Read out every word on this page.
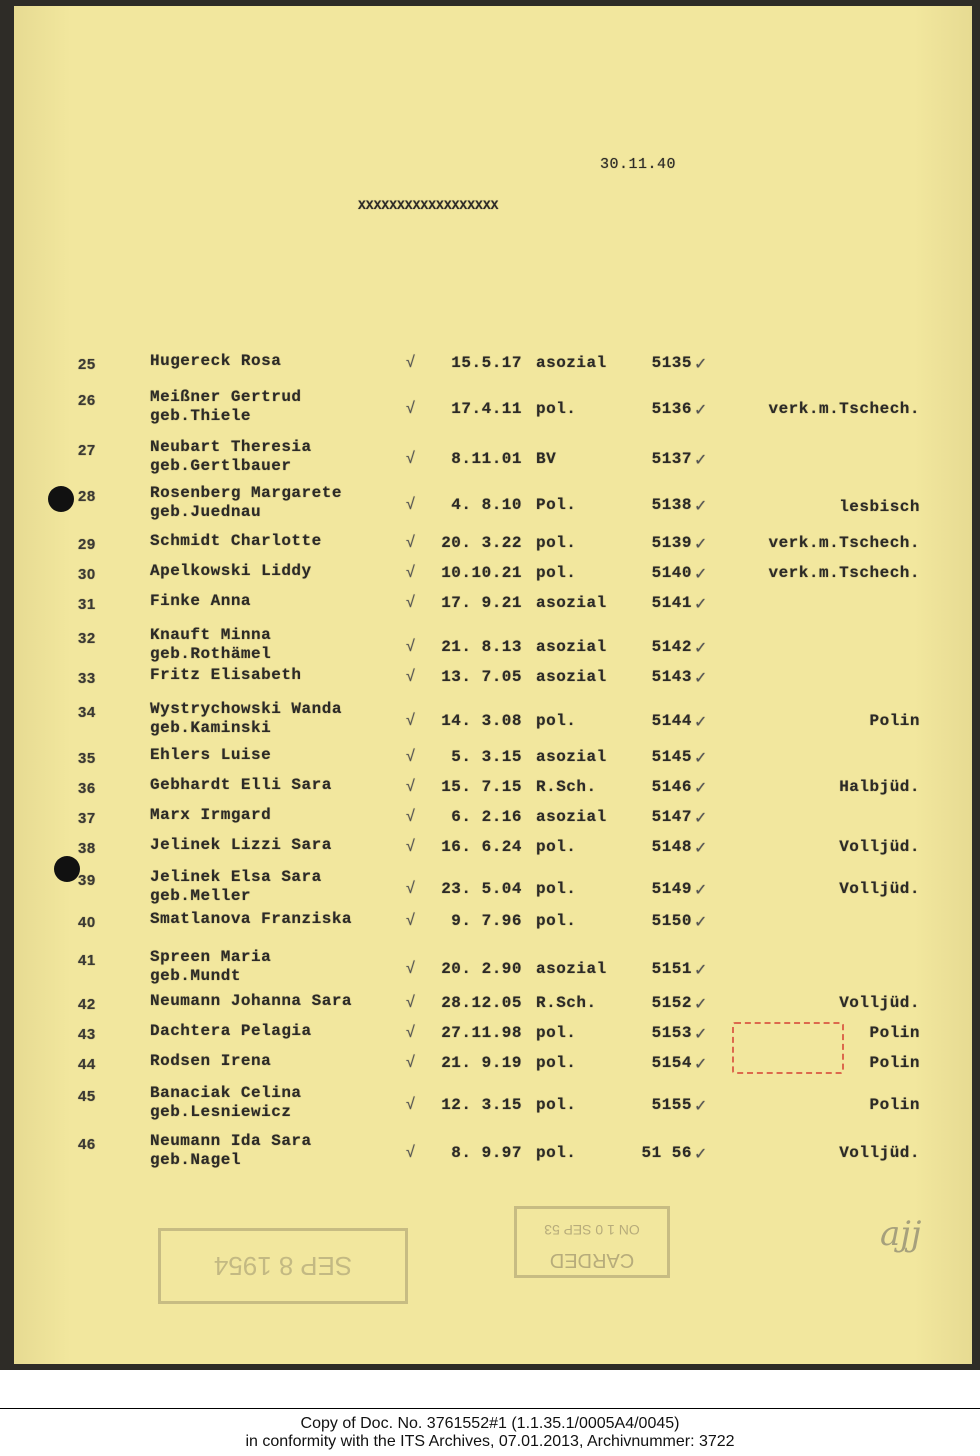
30.11.40
XXXXXXXXXXXXXXXXXX
25	Hugereck Rosa	√	15.5.17 asozial	5135 ✓
26	Meißner Gertrud
geb.Thiele	√	17.4.11 pol.	5136 ✓	verk.m.Tschech.
27	Neubart Theresia
geb.Gertlbauer	√	8.11.01 BV	5137 ✓
28	Rosenberg Margarete
geb.Juednau	√	4. 8.10 Pol.	5138 ✓	lesbisch
29	Schmidt Charlotte	√	20. 3.22 pol.	5139 ✓	verk.m.Tschech.
30	Apelkowski Liddy	√	10.10.21 pol.	5140 ✓	verk.m.Tschech.
31	Finke Anna	√	17. 9.21 asozial	5141 ✓
32	Knauft Minna
geb.Rothämel	√	21. 8.13 asozial	5142 ✓
33	Fritz Elisabeth	√	13. 7.05 asozial	5143 ✓
34	Wystrychowski Wanda
geb.Kaminski	√	14. 3.08 pol.	5144 ✓	Polin
35	Ehlers Luise	√	5. 3.15 asozial	5145 ✓
36	Gebhardt Elli Sara	√	15. 7.15 R.Sch.	5146 ✓	Halbjüd.
37	Marx Irmgard	√	6. 2.16 asozial	5147 ✓
38	Jelinek Lizzi Sara	√	16. 6.24 pol.	5148 ✓	Volljüd.
39	Jelinek Elsa Sara
geb.Meller	√	23. 5.04 pol.	5149 ✓	Volljüd.
40	Smatlanova Franziska	√	9. 7.96 pol.	5150 ✓
41	Spreen Maria
geb.Mundt	√	20. 2.90 asozial	5151 ✓
42	Neumann Johanna Sara	√	28.12.05 R.Sch.	5152 ✓	Volljüd.
43	Dachtera Pelagia	√	27.11.98 pol.	5153 ✓	Polin
44	Rodsen Irena	√	21. 9.19 pol.	5154 ✓	Polin
45	Banaciak Celina
geb.Lesniewicz	√	12. 3.15 pol.	5155 ✓	Polin
46	Neumann Ida Sara
geb.Nagel	√	8. 9.97 pol.	51 56 ✓	Volljüd.
SEP 8 1954	CARDED
ON 1 0 SEP 53	ajj
Copy of Doc. No. 3761552#1 (1.1.35.1/0005A4/0045)
in conformity with the ITS Archives, 07.01.2013, Archivnummer: 3722
